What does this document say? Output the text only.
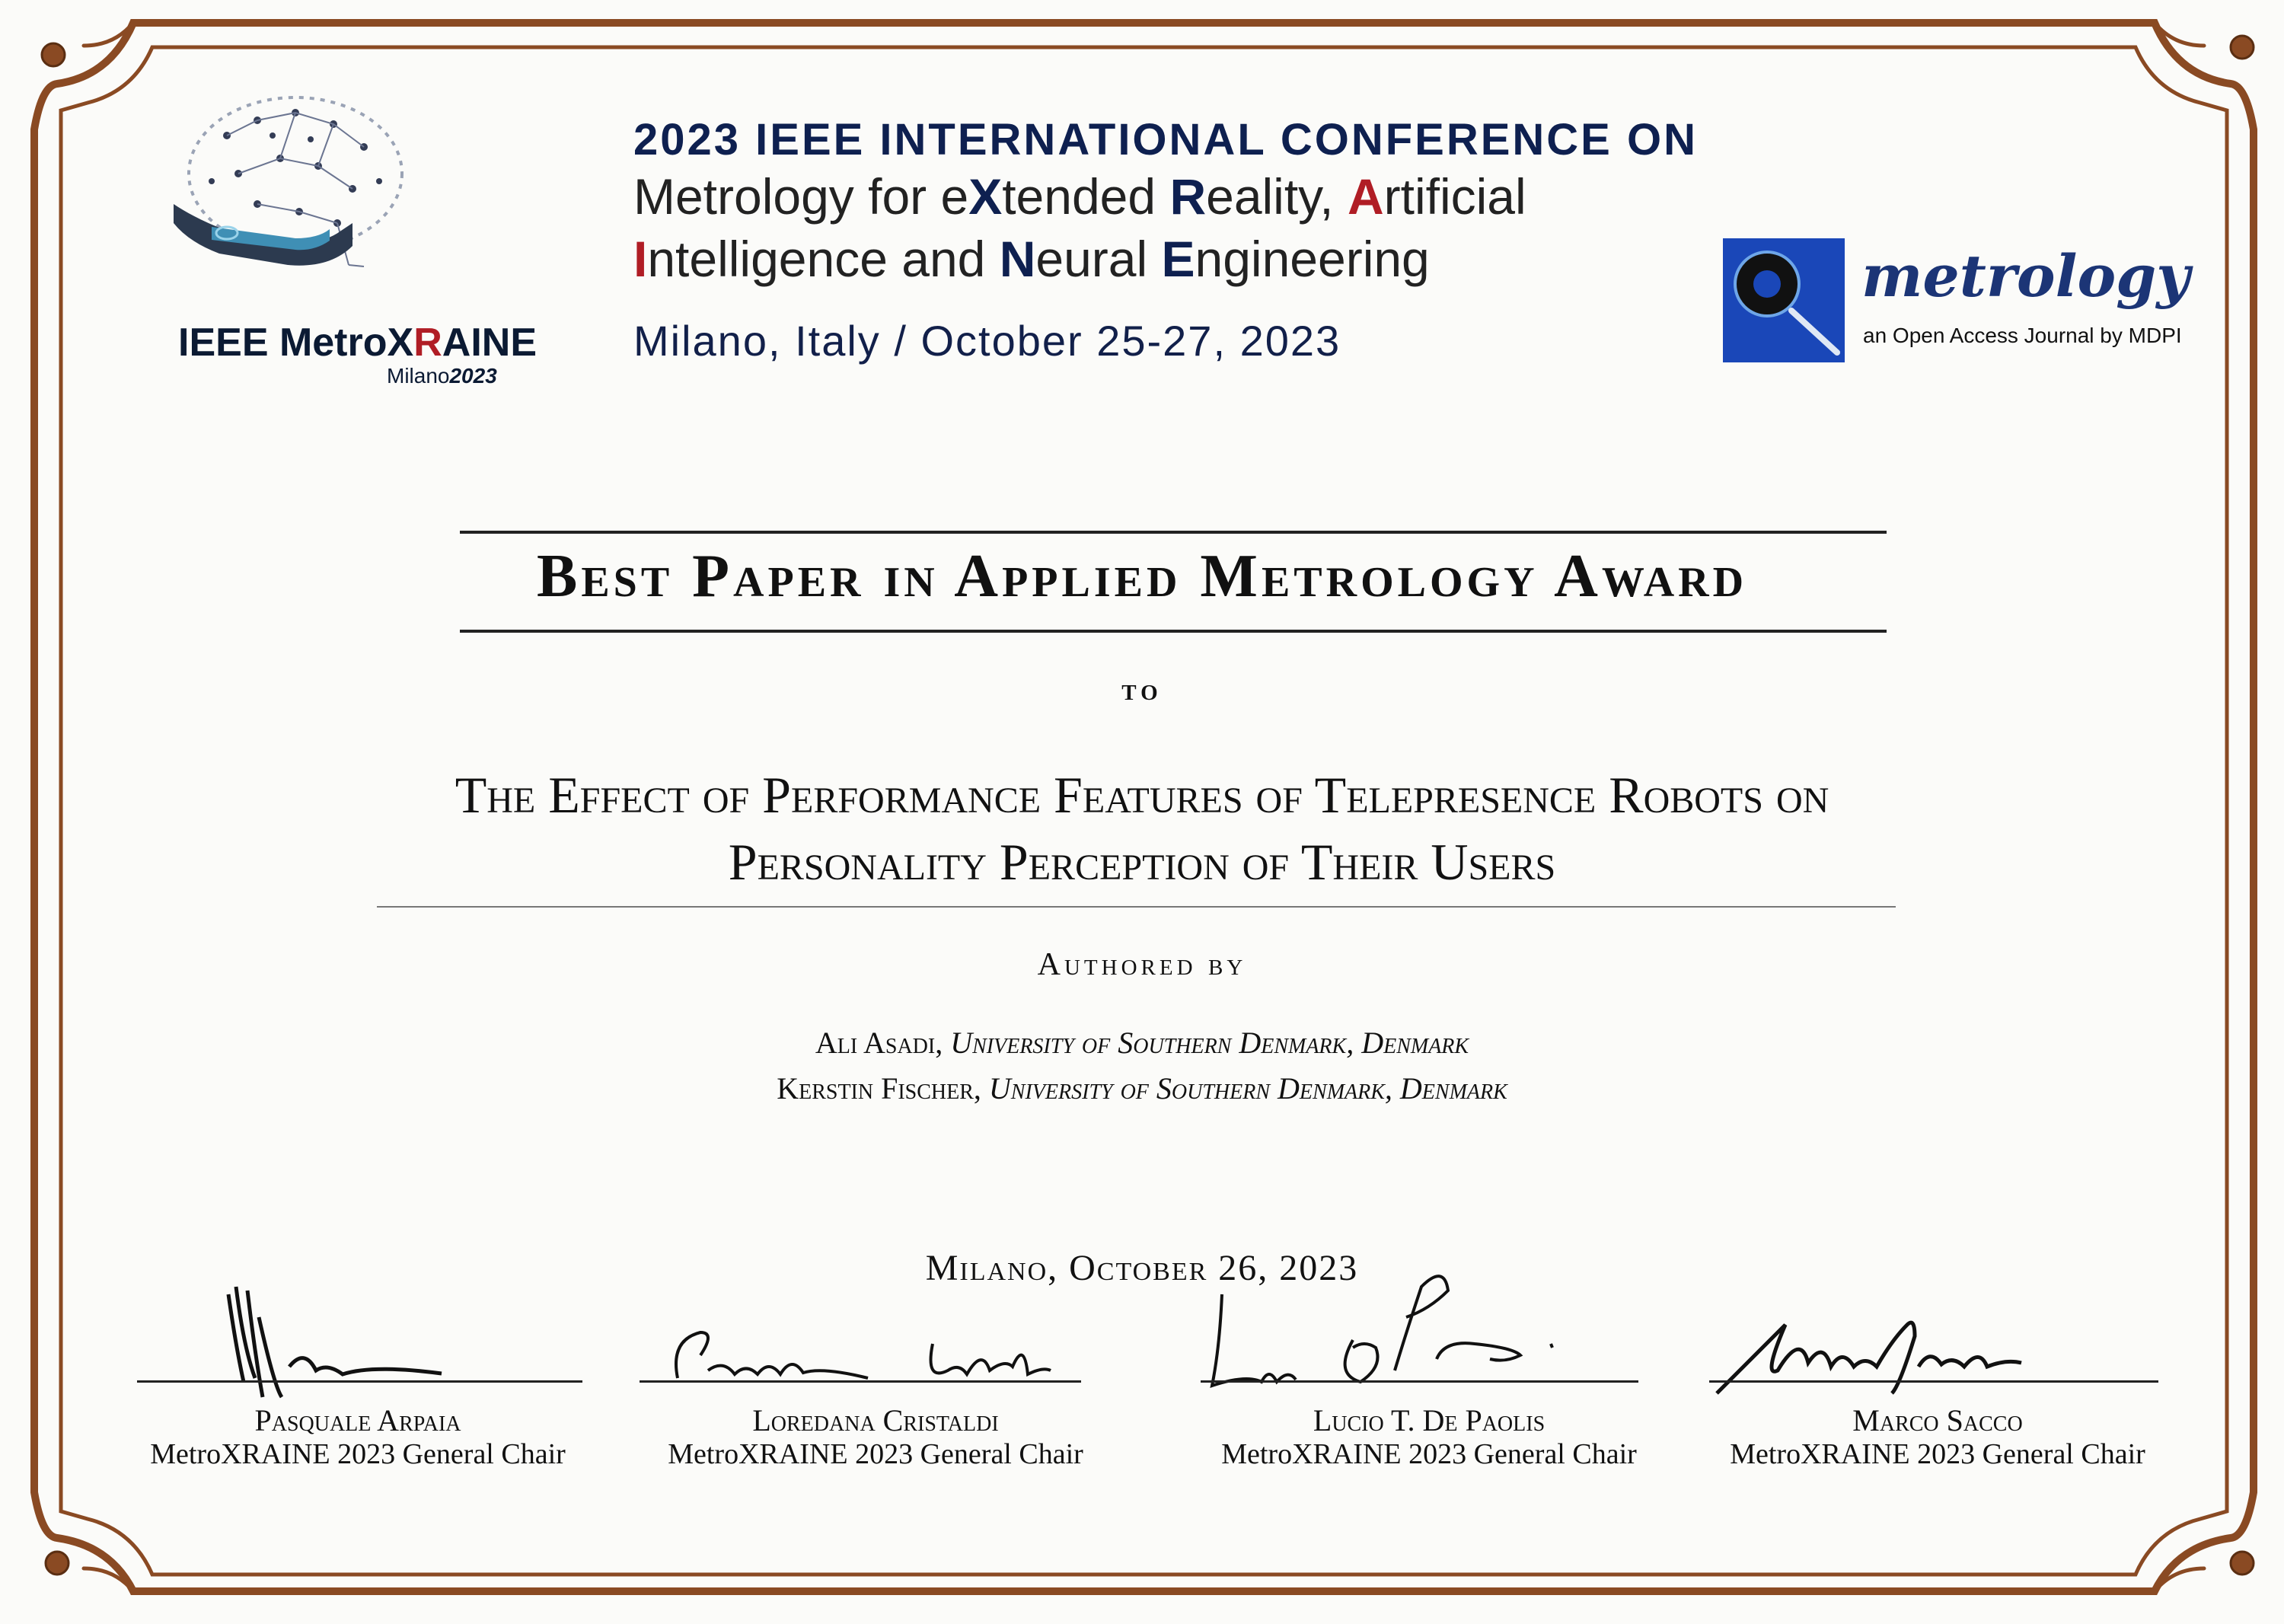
IEEE MetroXRAINE
Milano2023
2023 IEEE INTERNATIONAL CONFERENCE ON
Metrology for eXtended Reality, Artificial
Intelligence and Neural Engineering
Milano, Italy / October 25-27, 2023
metrology
an Open Access Journal by MDPI
Best Paper in Applied Metrology Award
to
The Effect of Performance Features of Telepresence Robots on
Personality Perception of Their Users
Authored by
Ali Asadi, University of Southern Denmark, Denmark
Kerstin Fischer, University of Southern Denmark, Denmark
Milano, October 26, 2023
Pasquale Arpaia
MetroXRAINE 2023 General Chair
Loredana Cristaldi
MetroXRAINE 2023 General Chair
Lucio T. De Paolis
MetroXRAINE 2023 General Chair
Marco Sacco
MetroXRAINE 2023 General Chair
